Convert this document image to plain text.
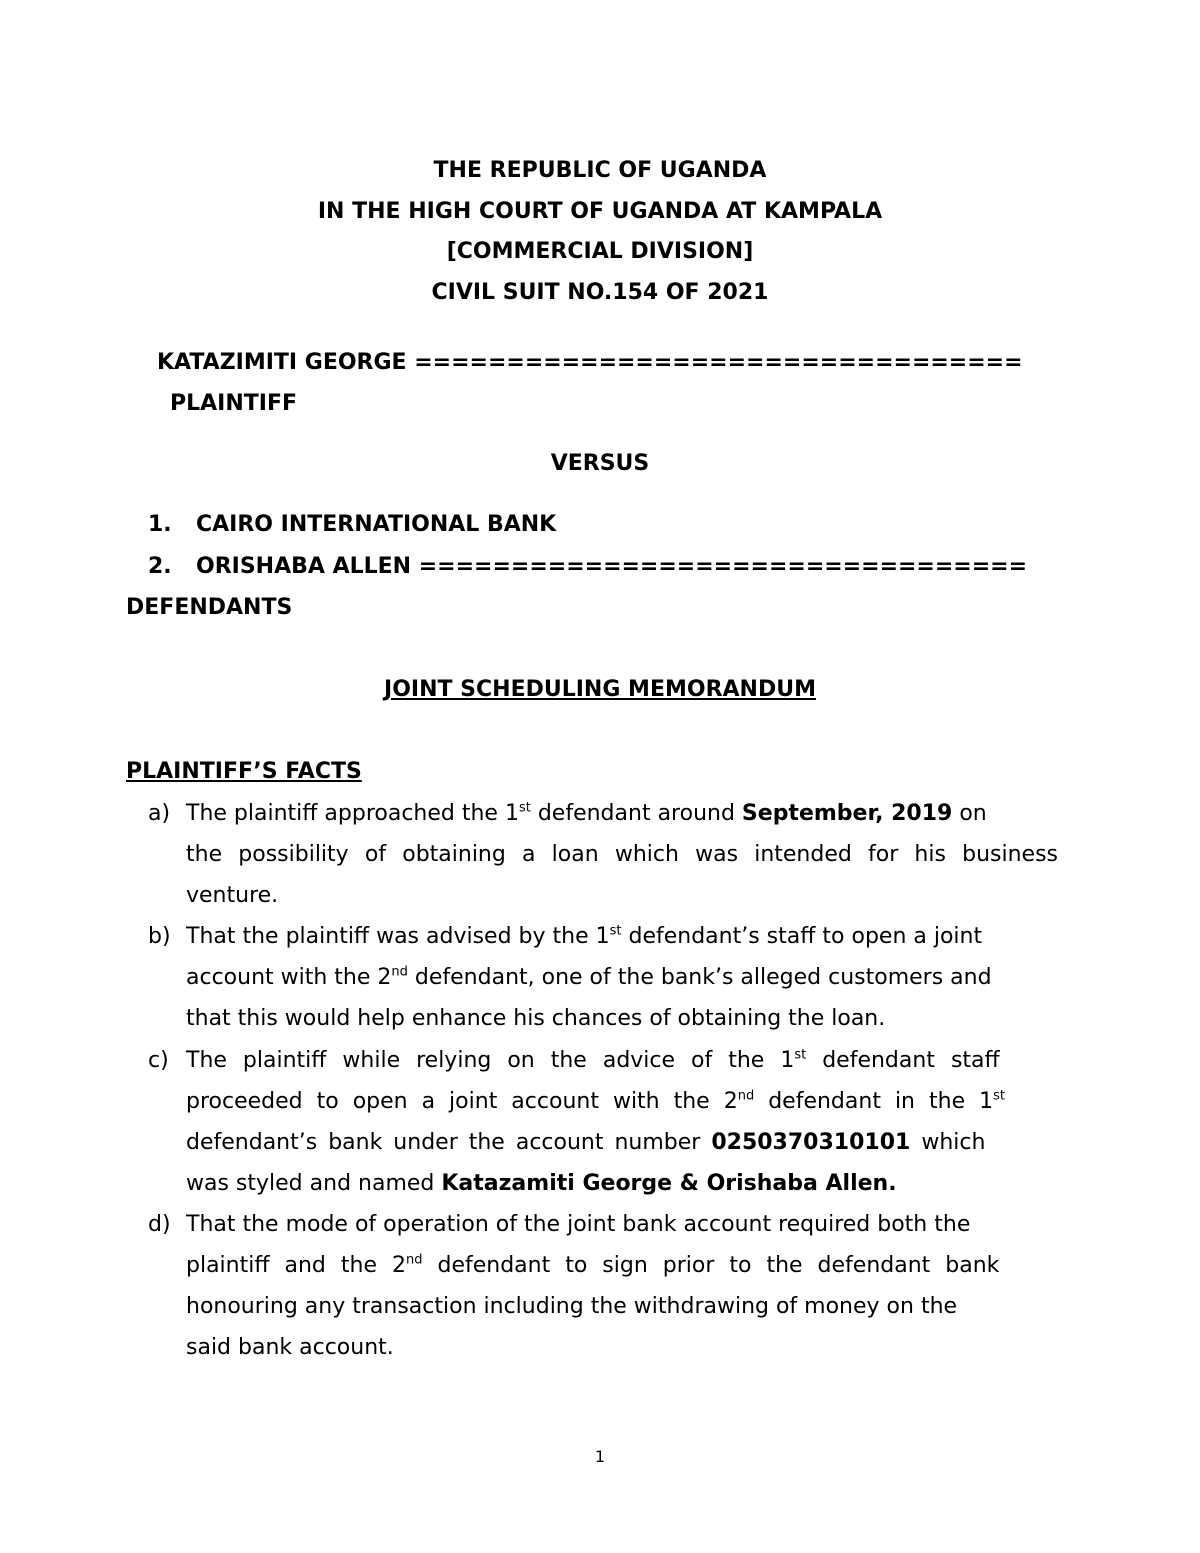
THE REPUBLIC OF UGANDA
IN THE HIGH COURT OF UGANDA AT KAMPALA
[COMMERCIAL DIVISION]
CIVIL SUIT NO.154 OF 2021
KATAZIMITI GEORGE =================================
PLAINTIFF
VERSUS
1. CAIRO INTERNATIONAL BANK
2. ORISHABA ALLEN =================================
DEFENDANTS
JOINT SCHEDULING MEMORANDUM
PLAINTIFF’S FACTS
a) The plaintiff approached the 1st defendant around September, 2019 on
the possibility of obtaining a loan which was intended for his business
venture.
b) That the plaintiff was advised by the 1st defendant’s staff to open a joint
account with the 2nd defendant, one of the bank’s alleged customers and
that this would help enhance his chances of obtaining the loan.
c) The plaintiff while relying on the advice of the 1st defendant staff
proceeded to open a joint account with the 2nd defendant in the 1st
defendant’s bank under the account number 0250370310101 which
was styled and named Katazamiti George & Orishaba Allen.
d) That the mode of operation of the joint bank account required both the
plaintiff and the 2nd defendant to sign prior to the defendant bank
honouring any transaction including the withdrawing of money on the
said bank account.
1
